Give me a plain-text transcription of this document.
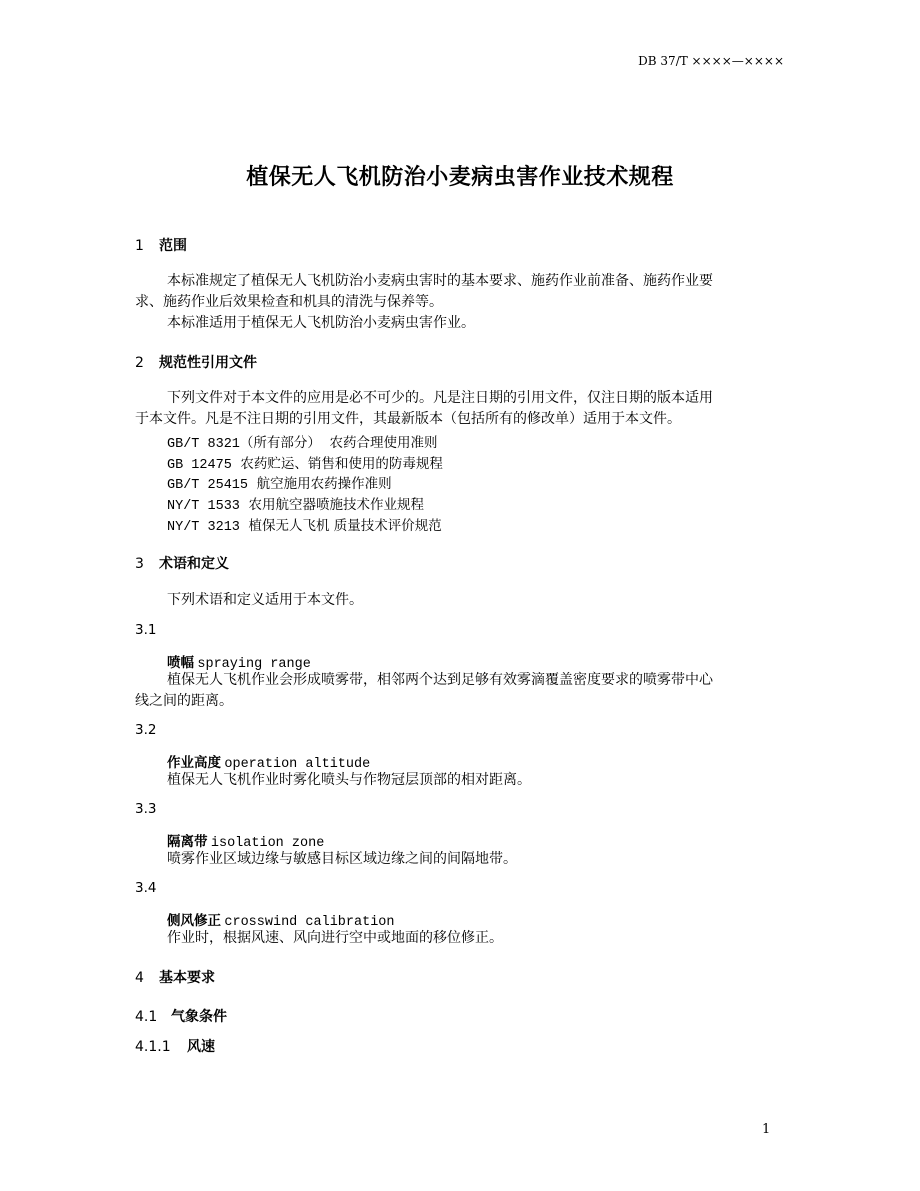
DB 37/T ××××—××××
植保无人飞机防治小麦病虫害作业技术规程
1 范围
本标准规定了植保无人飞机防治小麦病虫害时的基本要求、施药作业前准备、施药作业要
求、施药作业后效果检查和机具的清洗与保养等。
本标准适用于植保无人飞机防治小麦病虫害作业。
2 规范性引用文件
下列文件对于本文件的应用是必不可少的。凡是注日期的引用文件，仅注日期的版本适用
于本文件。凡是不注日期的引用文件，其最新版本（包括所有的修改单）适用于本文件。
GB/T 8321（所有部分）  农药合理使用准则
GB 12475  农药贮运、销售和使用的防毒规程
GB/T 25415  航空施用农药操作准则
NY/T 1533  农用航空器喷施技术作业规程
NY/T 3213  植保无人飞机 质量技术评价规范
3 术语和定义
下列术语和定义适用于本文件。
3.1
喷幅 spraying range
植保无人飞机作业会形成喷雾带，相邻两个达到足够有效雾滴覆盖密度要求的喷雾带中心
线之间的距离。
3.2
作业高度 operation altitude
植保无人飞机作业时雾化喷头与作物冠层顶部的相对距离。
3.3
隔离带 isolation zone
喷雾作业区域边缘与敏感目标区域边缘之间的间隔地带。
3.4
侧风修正 crosswind calibration
作业时，根据风速、风向进行空中或地面的移位修正。
4 基本要求
4.1 气象条件
4.1.1 风速
1
